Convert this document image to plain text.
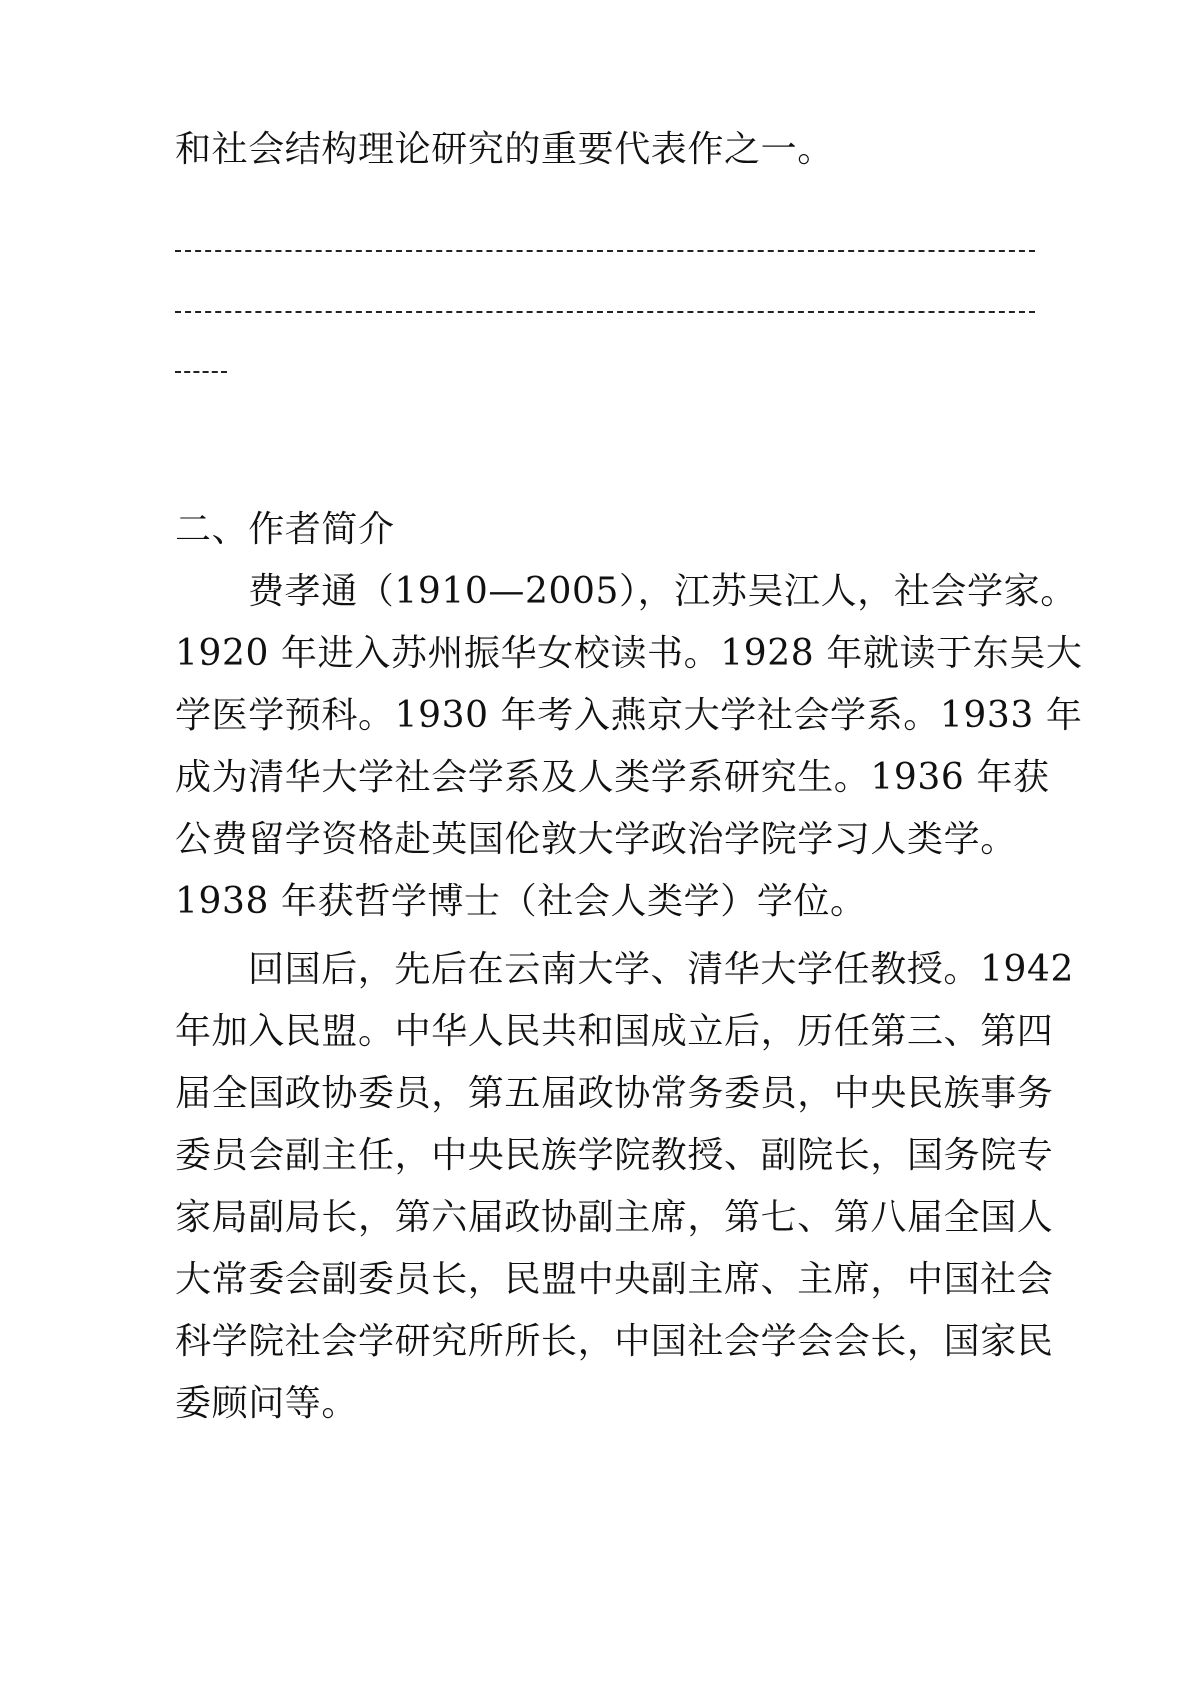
和社会结构理论研究的重要代表作之一。
二、作者简介
费孝通（1910—2005），江苏吴江人，社会学家。
1920 年进入苏州振华女校读书。1928 年就读于东吴大
学医学预科。1930 年考入燕京大学社会学系。1933 年
成为清华大学社会学系及人类学系研究生。1936 年获
公费留学资格赴英国伦敦大学政治学院学习人类学。
1938 年获哲学博士（社会人类学）学位。
回国后，先后在云南大学、清华大学任教授。1942
年加入民盟。中华人民共和国成立后，历任第三、第四
届全国政协委员，第五届政协常务委员，中央民族事务
委员会副主任，中央民族学院教授、副院长，国务院专
家局副局长，第六届政协副主席，第七、第八届全国人
大常委会副委员长，民盟中央副主席、主席，中国社会
科学院社会学研究所所长，中国社会学会会长，国家民
委顾问等。
